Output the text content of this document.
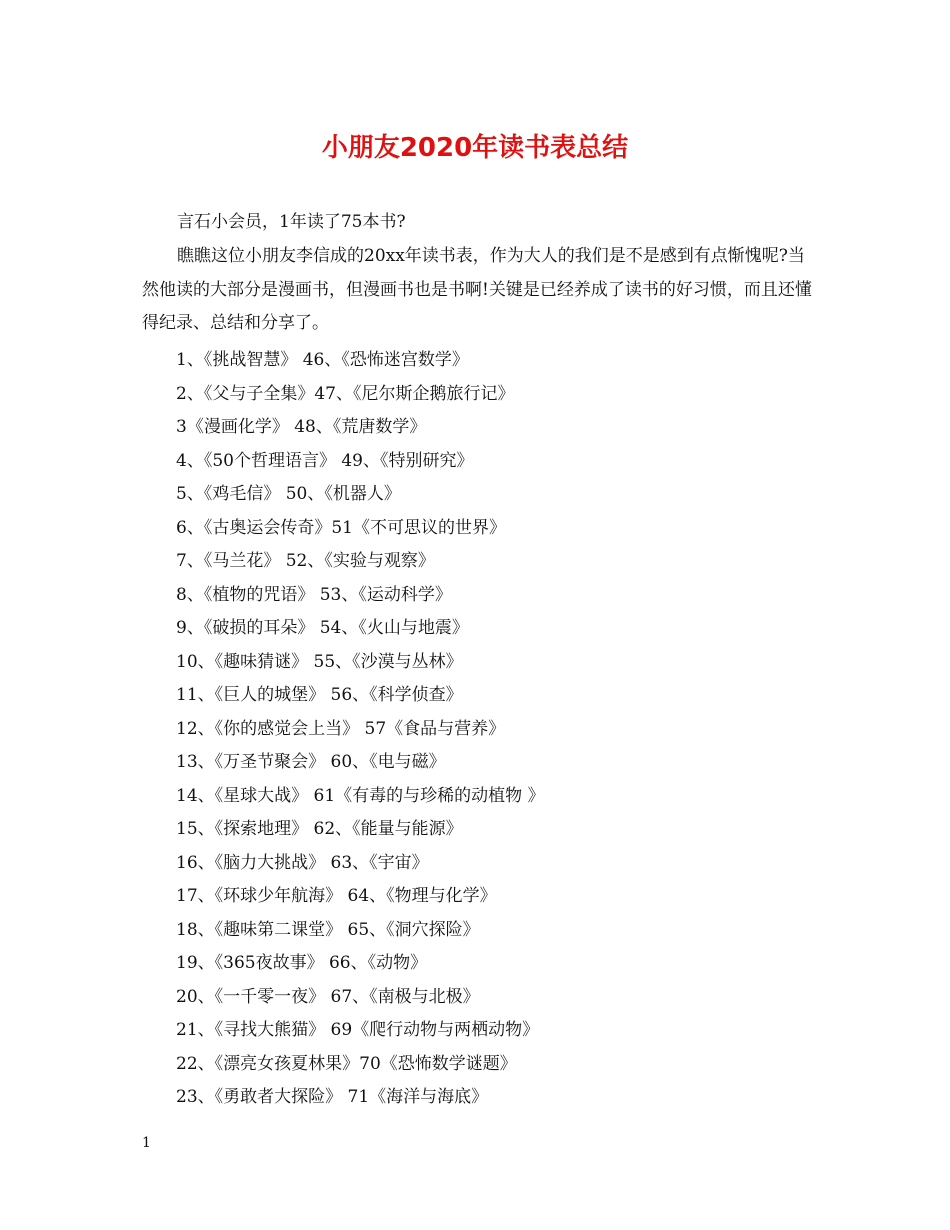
小朋友2020年读书表总结

言石小会员，1年读了75本书?

瞧瞧这位小朋友李信成的20xx年读书表，作为大人的我们是不是感到有点惭愧呢?当然他读的大部分是漫画书，但漫画书也是书啊!关键是已经养成了读书的好习惯，而且还懂得纪录、总结和分享了。

1、《挑战智慧》 46、《恐怖迷宫数学》
2、《父与子全集》47、《尼尔斯企鹅旅行记》
3《漫画化学》 48、《荒唐数学》
4、《50个哲理语言》 49、《特别研究》
5、《鸡毛信》 50、《机器人》
6、《古奥运会传奇》51《不可思议的世界》
7、《马兰花》 52、《实验与观察》
8、《植物的咒语》 53、《运动科学》
9、《破损的耳朵》 54、《火山与地震》
10、《趣味猜谜》 55、《沙漠与丛林》
11、《巨人的城堡》 56、《科学侦查》
12、《你的感觉会上当》 57《食品与营养》
13、《万圣节聚会》 60、《电与磁》
14、《星球大战》 61《有毒的与珍稀的动植物 》
15、《探索地理》 62、《能量与能源》
16、《脑力大挑战》 63、《宇宙》
17、《环球少年航海》 64、《物理与化学》
18、《趣味第二课堂》 65、《洞穴探险》
19、《365夜故事》 66、《动物》
20、《一千零一夜》 67、《南极与北极》
21、《寻找大熊猫》 69《爬行动物与两栖动物》
22、《漂亮女孩夏林果》70《恐怖数学谜题》
23、《勇敢者大探险》 71《海洋与海底》
1
